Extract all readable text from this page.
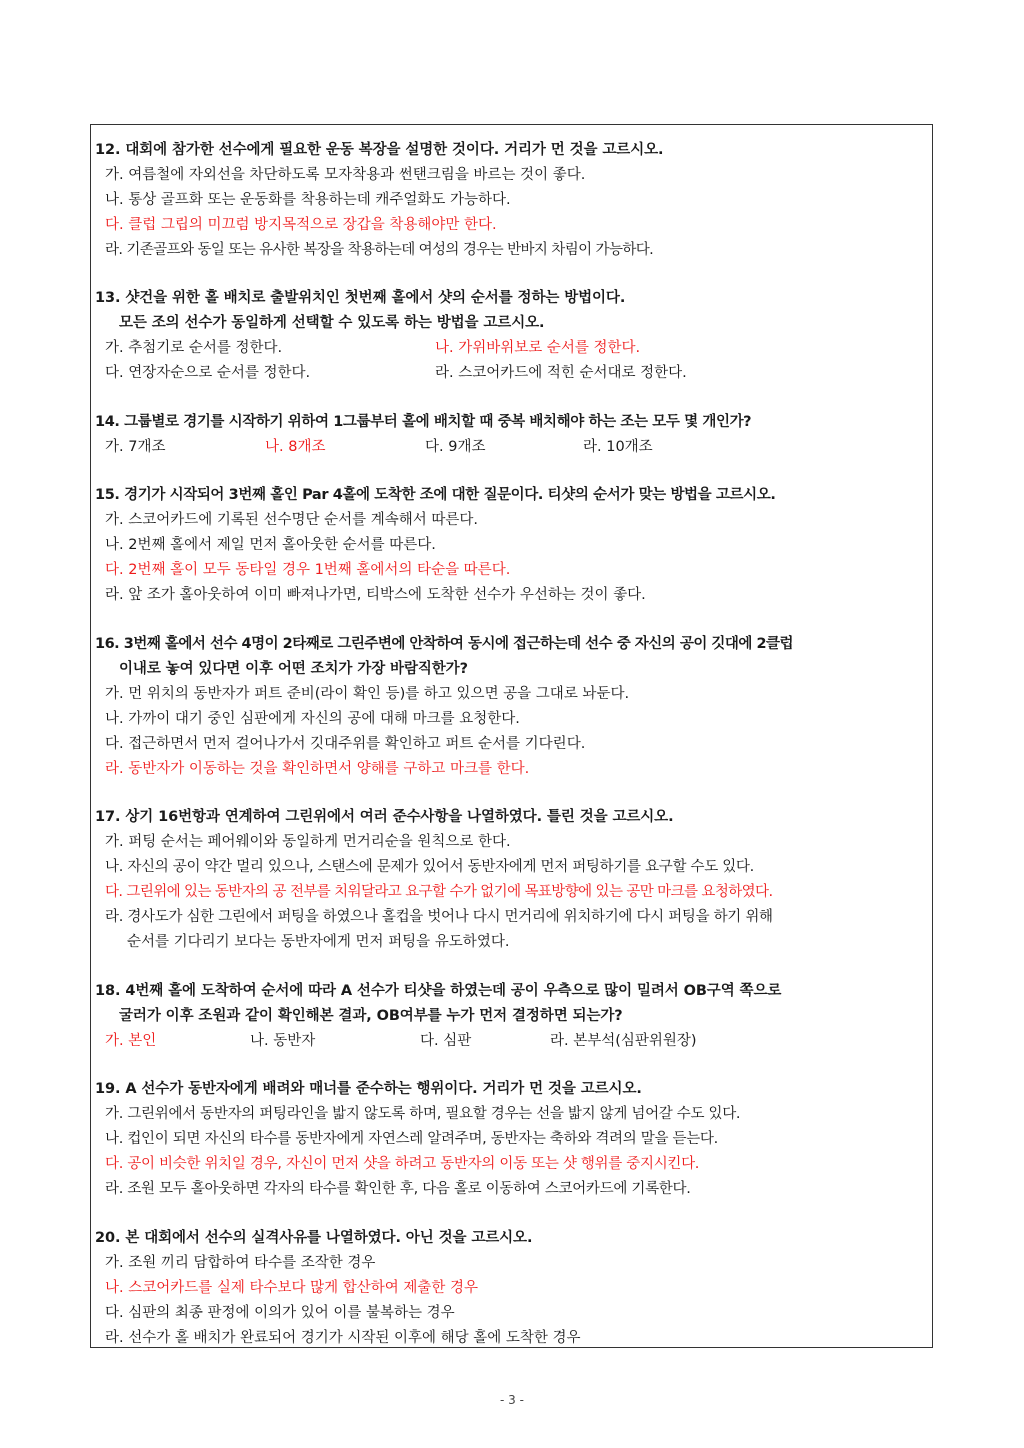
12. 대회에 참가한 선수에게 필요한 운동 복장을 설명한 것이다. 거리가 먼 것을 고르시오.
가. 여름철에 자외선을 차단하도록 모자착용과 썬탠크림을 바르는 것이 좋다.
나. 통상 골프화 또는 운동화를 착용하는데 캐주얼화도 가능하다.
다. 클럽 그립의 미끄럼 방지목적으로 장갑을 착용해야만 한다.
라. 기존골프와 동일 또는 유사한 복장을 착용하는데 여성의 경우는 반바지 차림이 가능하다.
13. 샷건을 위한 홀 배치로 출발위치인 첫번째 홀에서 샷의 순서를 정하는 방법이다.
모든 조의 선수가 동일하게 선택할 수 있도록 하는 방법을 고르시오.
가. 추첨기로 순서를 정한다.	나. 가위바위보로 순서를 정한다.
다. 연장자순으로 순서를 정한다.	라. 스코어카드에 적힌 순서대로 정한다.
14. 그룹별로 경기를 시작하기 위하여 1그룹부터 홀에 배치할 때 중복 배치해야 하는 조는 모두 몇 개인가?
가. 7개조	나. 8개조	다. 9개조	라. 10개조
15. 경기가 시작되어 3번째 홀인 Par 4홀에 도착한 조에 대한 질문이다. 티샷의 순서가 맞는 방법을 고르시오.
가. 스코어카드에 기록된 선수명단 순서를 계속해서 따른다.
나. 2번째 홀에서 제일 먼저 홀아웃한 순서를 따른다.
다. 2번째 홀이 모두 동타일 경우 1번째 홀에서의 타순을 따른다.
라. 앞 조가 홀아웃하여 이미 빠져나가면, 티박스에 도착한 선수가 우선하는 것이 좋다.
16. 3번째 홀에서 선수 4명이 2타째로 그린주변에 안착하여 동시에 접근하는데 선수 중 자신의 공이 깃대에 2클럽
이내로 놓여 있다면 이후 어떤 조치가 가장 바람직한가?
가. 먼 위치의 동반자가 퍼트 준비(라이 확인 등)를 하고 있으면 공을 그대로 놔둔다.
나. 가까이 대기 중인 심판에게 자신의 공에 대해 마크를 요청한다.
다. 접근하면서 먼저 걸어나가서 깃대주위를 확인하고 퍼트 순서를 기다린다.
라. 동반자가 이동하는 것을 확인하면서 양해를 구하고 마크를 한다.
17. 상기 16번항과 연계하여 그린위에서 여러 준수사항을 나열하였다. 틀린 것을 고르시오.
가. 퍼팅 순서는 페어웨이와 동일하게 먼거리순을 원칙으로 한다.
나. 자신의 공이 약간 멀리 있으나, 스탠스에 문제가 있어서 동반자에게 먼저 퍼팅하기를 요구할 수도 있다.
다. 그린위에 있는 동반자의 공 전부를 치워달라고 요구할 수가 없기에 목표방향에 있는 공만 마크를 요청하였다.
라. 경사도가 심한 그린에서 퍼팅을 하였으나 홀컵을 벗어나 다시 먼거리에 위치하기에 다시 퍼팅을 하기 위해
순서를 기다리기 보다는 동반자에게 먼저 퍼팅을 유도하였다.
18. 4번째 홀에 도착하여 순서에 따라 A 선수가 티샷을 하였는데 공이 우측으로 많이 밀려서 OB구역 쪽으로
굴러가 이후 조원과 같이 확인해본 결과, OB여부를 누가 먼저 결정하면 되는가?
가. 본인	나. 동반자	다. 심판	라. 본부석(심판위원장)
19. A 선수가 동반자에게 배려와 매너를 준수하는 행위이다. 거리가 먼 것을 고르시오.
가. 그린위에서 동반자의 퍼팅라인을 밟지 않도록 하며, 필요할 경우는 선을 밟지 않게 넘어갈 수도 있다.
나. 컵인이 되면 자신의 타수를 동반자에게 자연스레 알려주며, 동반자는 축하와 격려의 말을 듣는다.
다. 공이 비슷한 위치일 경우, 자신이 먼저 샷을 하려고 동반자의 이동 또는 샷 행위를 중지시킨다.
라. 조원 모두 홀아웃하면 각자의 타수를 확인한 후, 다음 홀로 이동하여 스코어카드에 기록한다.
20. 본 대회에서 선수의 실격사유를 나열하였다. 아닌 것을 고르시오.
가. 조원 끼리 담합하여 타수를 조작한 경우
나. 스코어카드를 실제 타수보다 많게 합산하여 제출한 경우
다. 심판의 최종 판정에 이의가 있어 이를 불복하는 경우
라. 선수가 홀 배치가 완료되어 경기가 시작된 이후에 해당 홀에 도착한 경우
- 3 -
